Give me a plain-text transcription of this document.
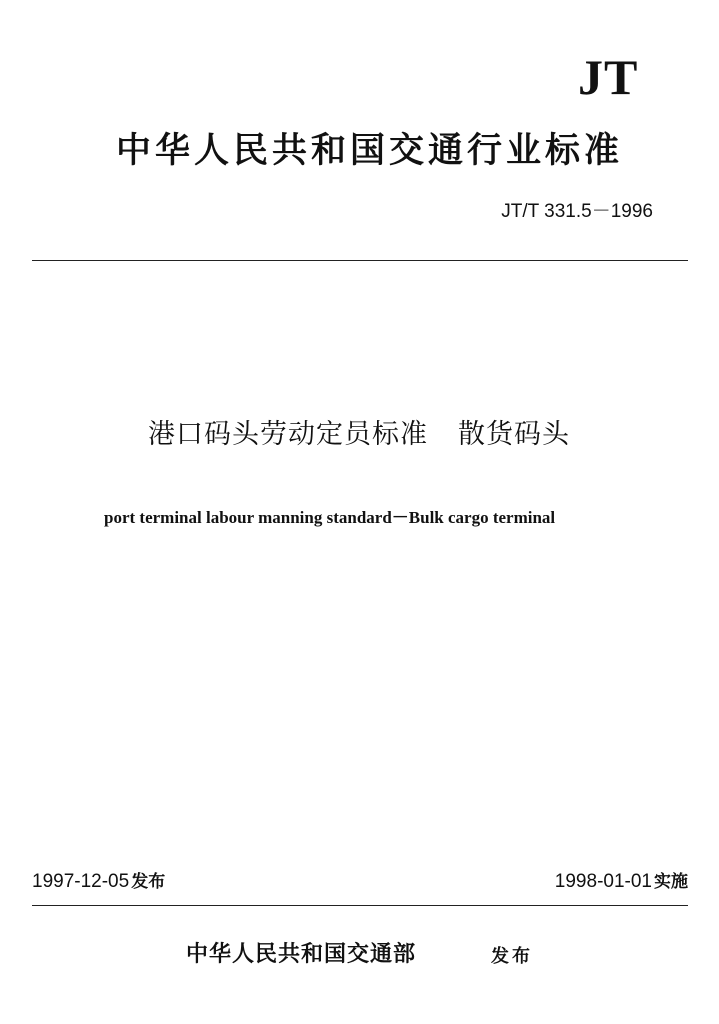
JT
中华人民共和国交通行业标准
JT/T 331.5－1996
港口码头劳动定员标准 散货码头
port terminal labour manning standard－Bulk cargo terminal
1997-12-05 发布	1998-01-01 实施
中华人民共和国交通部	发布
